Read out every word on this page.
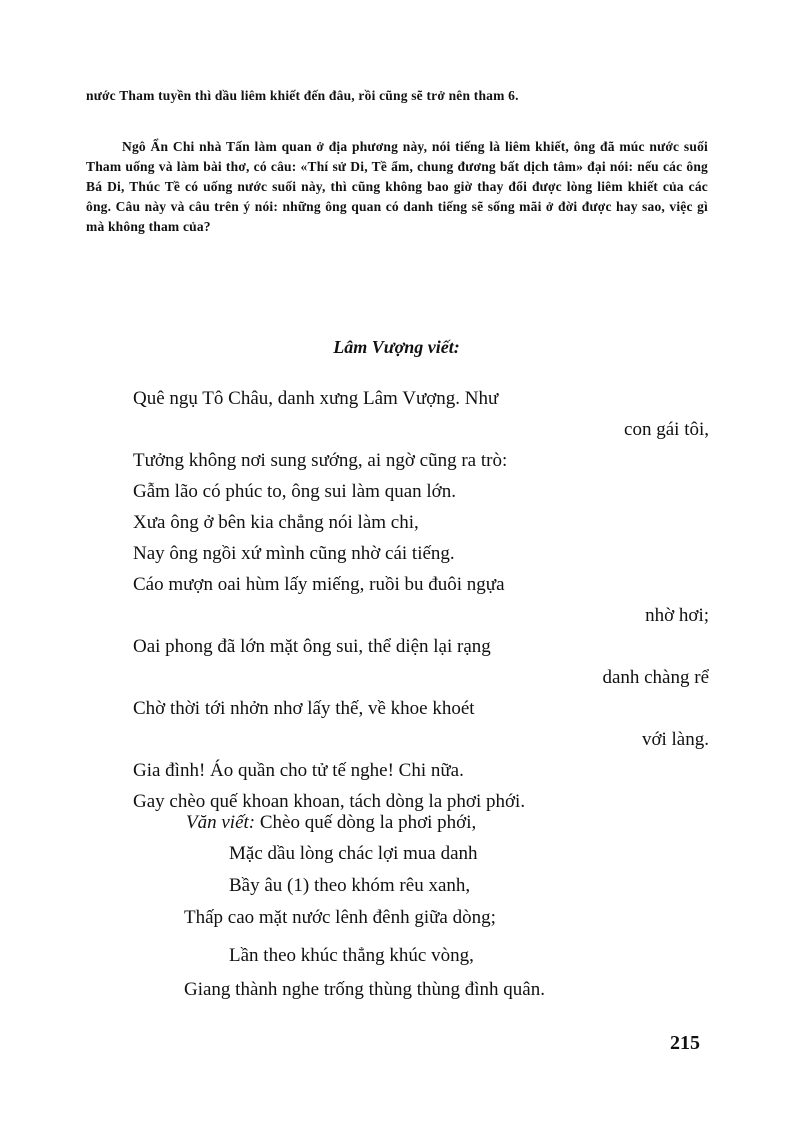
nước Tham tuyền thì dầu liêm khiết đến đâu, rồi cũng sẽ trở nên tham 6.

Ngô Ẩn Chi nhà Tấn làm quan ở địa phương này, nói tiếng là liêm khiết, ông đã múc nước suối Tham uống và làm bài thơ, có câu: «Thí sử Di, Tề ẩm, chung đương bất dịch tâm» đại nói: nếu các ông Bá Di, Thúc Tề có uống nước suối này, thì cũng không bao giờ thay đổi được lòng liêm khiết của các ông. Câu này và câu trên ý nói: những ông quan có danh tiếng sẽ sống mãi ở đời được hay sao, việc gì mà không tham của?

Lâm Vượng viết:
Quê ngụ Tô Châu, danh xưng Lâm Vượng. Như
con gái tôi,
Tưởng không nơi sung sướng, ai ngờ cũng ra trò:
Gẫm lão có phúc to, ông sui làm quan lớn.
Xưa ông ở bên kia chẳng nói làm chi,
Nay ông ngồi xứ mình cũng nhờ cái tiếng.
Cáo mượn oai hùm lấy miếng, ruồi bu đuôi ngựa
nhờ hơi;
Oai phong đã lớn mặt ông sui, thể diện lại rạng
danh chàng rể
Chờ thời tới nhởn nhơ lấy thế, về khoe khoét
với làng.
Gia đình! Áo quần cho tử tế nghe! Chi nữa.
Gay chèo quế khoan khoan, tách dòng la phơi phới.
Văn viết: Chèo quế dòng la phơi phới,
Mặc dầu lòng chác lợi mua danh
Bầy âu (1) theo khóm rêu xanh,
Thấp cao mặt nước lênh đênh giữa dòng;
Lần theo khúc thẳng khúc vòng,
Giang thành nghe trống thùng thùng đình quân.
215
